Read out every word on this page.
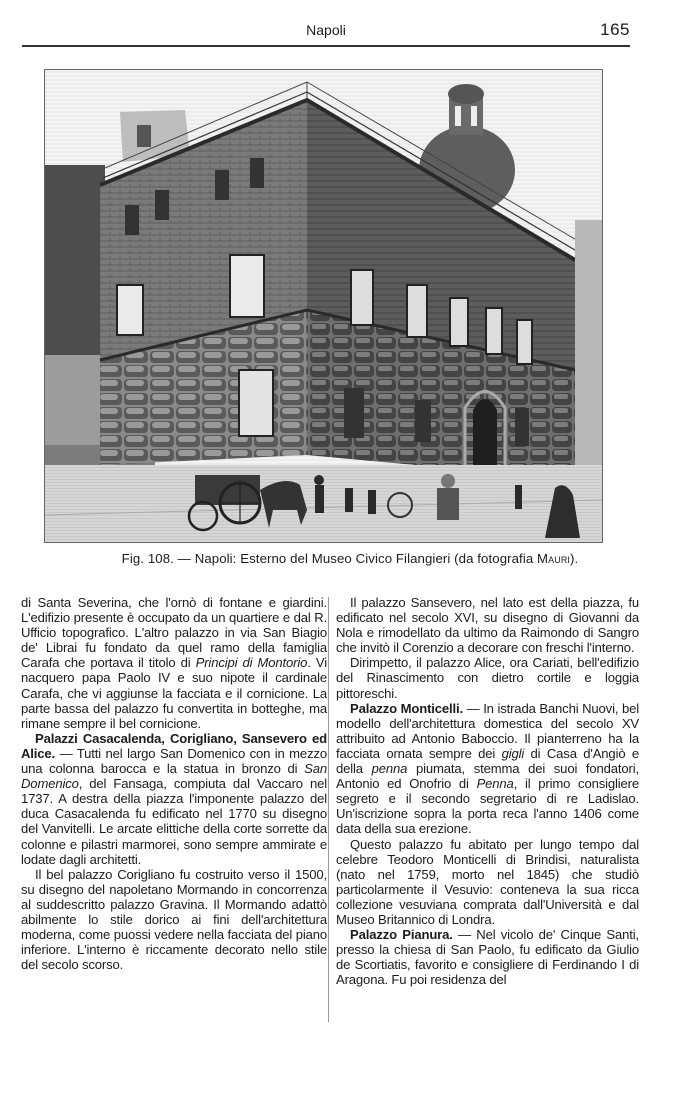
Napoli	165
Fig. 108. — Napoli: Esterno del Museo Civico Filangieri (da fotografia Mauri).

di Santa Severina, che l'ornò di fontane e giardini. L'edifizio presente è occupato da un quartiere e dal R. Ufficio topografico. L'altro palazzo in via San Biagio de' Librai fu fondato da quel ramo della famiglia Carafa che portava il titolo di Principi di Montorio. Vi nacquero papa Paolo IV e suo nipote il cardinale Carafa, che vi aggiunse la facciata e il cornicione. La parte bassa del palazzo fu convertita in botteghe, ma rimane sempre il bel cornicione.

Palazzi Casacalenda, Corigliano, Sansevero ed Alice. — Tutti nel largo San Domenico con in mezzo una colonna barocca e la statua in bronzo di San Domenico, del Fansaga, compiuta dal Vaccaro nel 1737. A destra della piazza l'imponente palazzo del duca Casacalenda fu edificato nel 1770 su disegno del Vanvitelli. Le arcate elittiche della corte sorrette da colonne e pilastri marmorei, sono sempre ammirate e lodate dagli architetti.

Il bel palazzo Corigliano fu costruito verso il 1500, su disegno del napoletano Mormando in concorrenza al suddescritto palazzo Gravina. Il Mormando adattò abilmente lo stile dorico ai fini dell'architettura moderna, come puossi vedere nella facciata del piano inferiore. L'interno è riccamente decorato nello stile del secolo scorso.

Il palazzo Sansevero, nel lato est della piazza, fu edificato nel secolo XVI, su disegno di Giovanni da Nola e rimodellato da ultimo da Raimondo di Sangro che invitò il Corenzio a decorare con freschi l'interno.

Dirimpetto, il palazzo Alice, ora Cariati, bell'edifizio del Rinascimento con dietro cortile e loggia pittoreschi.

Palazzo Monticelli. — In istrada Banchi Nuovi, bel modello dell'architettura domestica del secolo XV attribuito ad Antonio Baboccio. Il pianterreno ha la facciata ornata sempre dei gigli di Casa d'Angiò e della penna piumata, stemma dei suoi fondatori, Antonio ed Onofrio di Penna, il primo consigliere segreto e il secondo segretario di re Ladislao. Un'iscrizione sopra la porta reca l'anno 1406 come data della sua erezione.

Questo palazzo fu abitato per lungo tempo dal celebre Teodoro Monticelli di Brindisi, naturalista (nato nel 1759, morto nel 1845) che studiò particolarmente il Vesuvio: conteneva la sua ricca collezione vesuviana comprata dall'Università e dal Museo Britannico di Londra.

Palazzo Pianura. — Nel vicolo de' Cinque Santi, presso la chiesa di San Paolo, fu edificato da Giulio de Scortiatis, favorito e consigliere di Ferdinando I di Aragona. Fu poi residenza del
